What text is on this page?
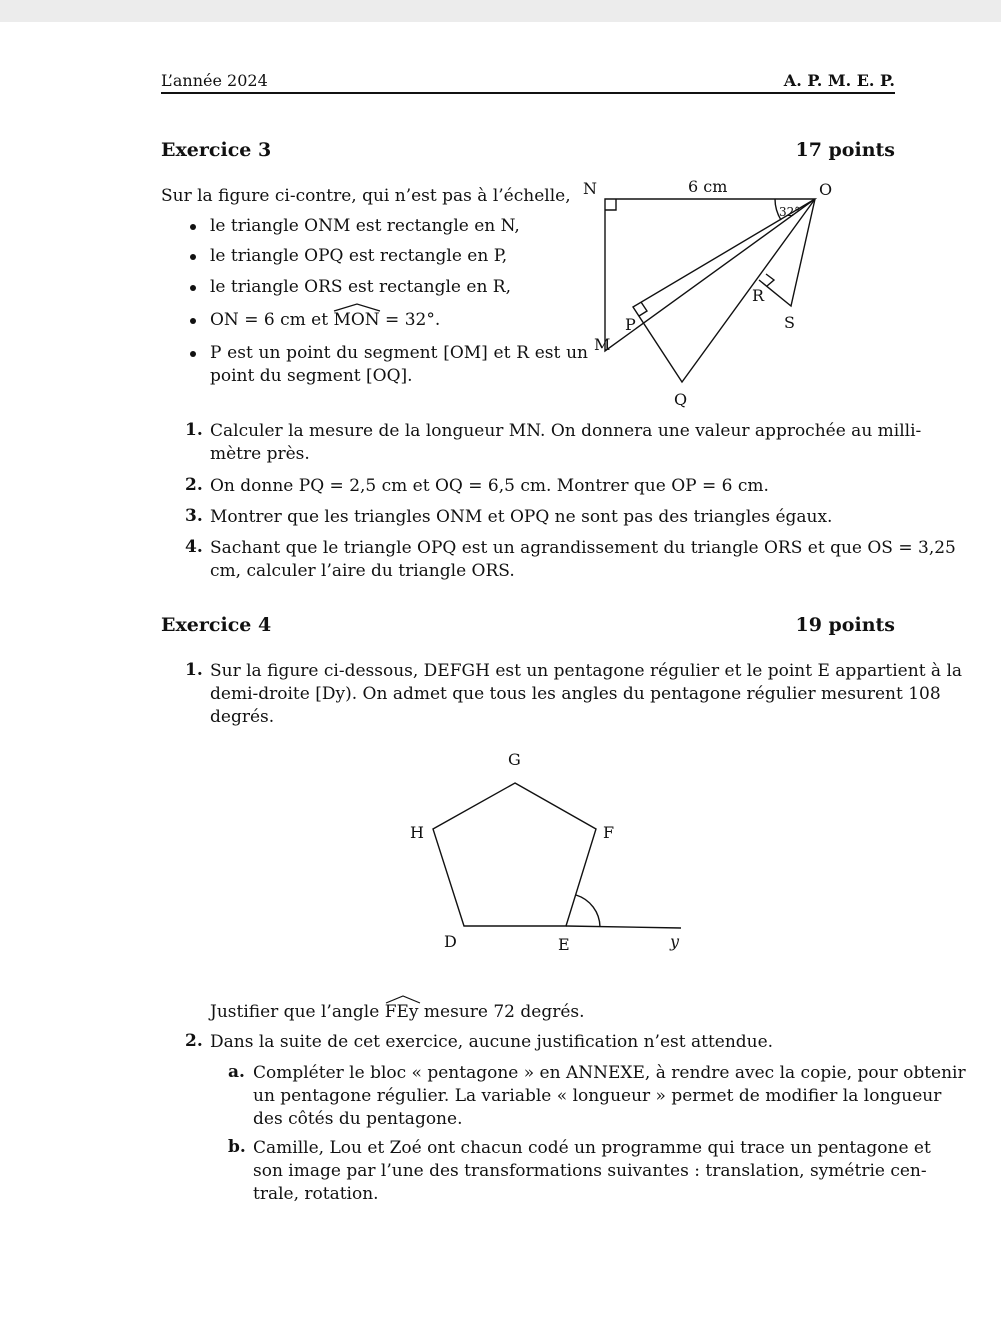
L’année 2024	A. P. M. E. P.
Exercice 3	17 points
Sur la figure ci-contre, qui n’est pas à l’échelle,
le triangle ONM est rectangle en N,
le triangle OPQ est rectangle en P,
le triangle ORS est rectangle en R,
ON = 6 cm et
MON = 32°.
P est un point du segment [OM] et R est un
point du segment [OQ].
N	O
M
P
Q
R
S
6 cm
32°
1. Calculer la mesure de la longueur MN. On donnera une valeur approchée au milli-
mètre près.
2. On donne PQ = 2,5 cm et OQ = 6,5 cm. Montrer que OP = 6 cm.
3. Montrer que les triangles ONM et OPQ ne sont pas des triangles égaux.
4. Sachant que le triangle OPQ est un agrandissement du triangle ORS et que OS = 3,25
cm, calculer l’aire du triangle ORS.
Exercice 4	19 points
1. Sur la figure ci-dessous, DEFGH est un pentagone régulier et le point E appartient à la
demi-droite [Dy). On admet que tous les angles du pentagone régulier mesurent 108
degrés.
G
H	F
D	E	y
Justifier que l’angle
FEy mesure 72 degrés.
2. Dans la suite de cet exercice, aucune justification n’est attendue.
a. Compléter le bloc « pentagone » en ANNEXE, à rendre avec la copie, pour obtenir
un pentagone régulier. La variable « longueur » permet de modifier la longueur
des côtés du pentagone.
b. Camille, Lou et Zoé ont chacun codé un programme qui trace un pentagone et
son image par l’une des transformations suivantes : translation, symétrie cen-
trale, rotation.
